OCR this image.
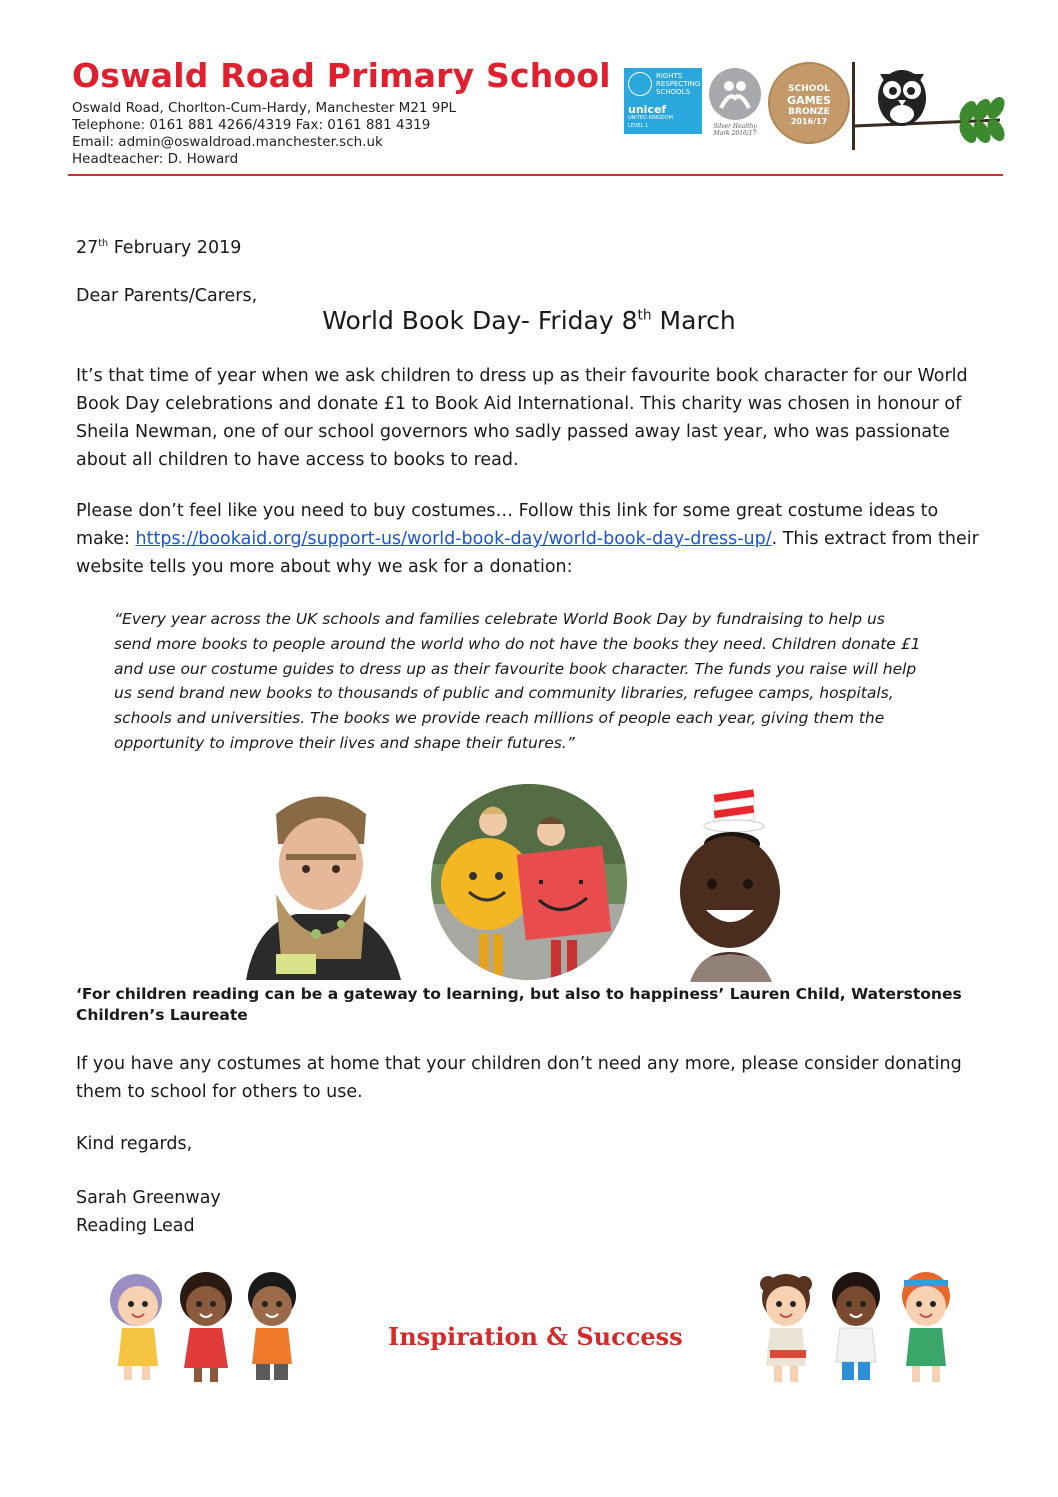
Oswald Road Primary School
Oswald Road, Chorlton-Cum-Hardy, Manchester M21 9PL
Telephone: 0161 881 4266/4319 Fax: 0161 881 4319
Email: admin@oswaldroad.manchester.sch.uk
Headteacher: D. Howard
RIGHTS
RESPECTING
SCHOOLS
unicef
UNITED KINGDOM
LEVEL 1	Silver Healthy Mark 2016/17
SCHOOL
GAMES
BRONZE
2016/17
27th February 2019
Dear Parents/Carers,
World Book Day- Friday 8th March
It’s that time of year when we ask children to dress up as their favourite book character for our World Book Day celebrations and donate £1 to Book Aid International. This charity was chosen in honour of Sheila Newman, one of our school governors who sadly passed away last year, who was passionate about all children to have access to books to read.
Please don’t feel like you need to buy costumes… Follow this link for some great costume ideas to make: https://bookaid.org/support-us/world-book-day/world-book-day-dress-up/. This extract from their website tells you more about why we ask for a donation:
“Every year across the UK schools and families celebrate World Book Day by fundraising to help us send more books to people around the world who do not have the books they need. Children donate £1 and use our costume guides to dress up as their favourite book character. The funds you raise will help us send brand new books to thousands of public and community libraries, refugee camps, hospitals, schools and universities. The books we provide reach millions of people each year, giving them the opportunity to improve their lives and shape their futures.”
‘For children reading can be a gateway to learning, but also to happiness’ Lauren Child, Waterstones Children’s Laureate
If you have any costumes at home that your children don’t need any more, please consider donating them to school for others to use.
Kind regards,
Sarah Greenway
Reading Lead
Inspiration & Success
